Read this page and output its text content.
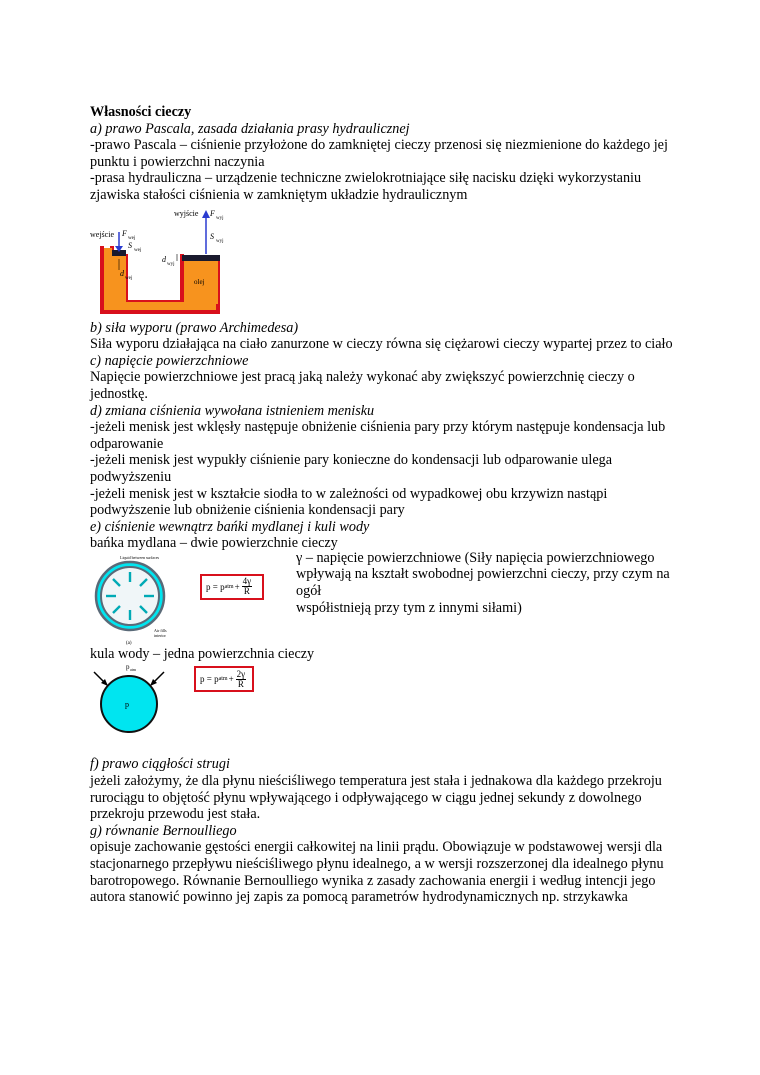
Własności cieczy

a) prawo Pascala, zasada działania prasy hydraulicznej

-prawo Pascala – ciśnienie przyłożone do zamkniętej cieczy przenosi się niezmienione do każdego jej

punktu i powierzchni naczynia

-prasa hydrauliczna – urządzenie techniczne zwielokrotniające siłę nacisku dzięki wykorzystaniu

zjawiska stałości ciśnienia w zamkniętym układzie hydraulicznym

wejście
wyjście
F
wej
F
wyj
S
wej
S
wyj
d
wyj
d
wej	olej

b) siła wyporu (prawo Archimedesa)

Siła wyporu działająca na ciało zanurzone w cieczy równa się ciężarowi cieczy wypartej przez to ciało

c) napięcie powierzchniowe

Napięcie powierzchniowe jest pracą jaką należy wykonać aby zwiększyć powierzchnię cieczy o

jednostkę.

d) zmiana ciśnienia wywołana istnieniem menisku

-jeżeli menisk jest wklęsły następuje obniżenie ciśnienia pary przy którym następuje kondensacja lub

odparowanie

-jeżeli menisk jest wypukły ciśnienie pary konieczne do kondensacji lub odparowanie ulega

podwyższeniu

-jeżeli menisk jest w kształcie siodła to w zależności od wypadkowej obu krzywizn nastąpi

podwyższenie lub obniżenie ciśnienia kondensacji pary

e) ciśnienie wewnątrz bańki mydlanej i kuli wody

bańka mydlana – dwie powierzchnie cieczy

Liquid between surfaces
Air fills
interior
(a)
p = p atm + $\frac{4\gamma}{R}$

γ – napięcie powierzchniowe (Siły napięcia powierzchniowego

wpływają na kształt swobodnej powierzchni cieczy, przy czym na ogół

współistnieją przy tym z innymi siłami)

kula wody – jedna powierzchnia cieczy

p atm
p
p = p atm + $\frac{2\gamma}{R}$

f) prawo ciągłości strugi

jeżeli założymy, że dla płynu nieściśliwego temperatura jest stała i jednakowa dla każdego przekroju

rurociągu to objętość płynu wpływającego i odpływającego w ciągu jednej sekundy z dowolnego

przekroju przewodu jest stała.

g) równanie Bernoulliego

opisuje zachowanie gęstości energii całkowitej na linii prądu. Obowiązuje w podstawowej wersji dla

stacjonarnego przepływu nieściśliwego płynu idealnego, a w wersji rozszerzonej dla idealnego płynu

barotropowego. Równanie Bernoulliego wynika z zasady zachowania energii i według intencji jego

autora stanowić powinno jej zapis za pomocą parametrów hydrodynamicznych np. strzykawka
